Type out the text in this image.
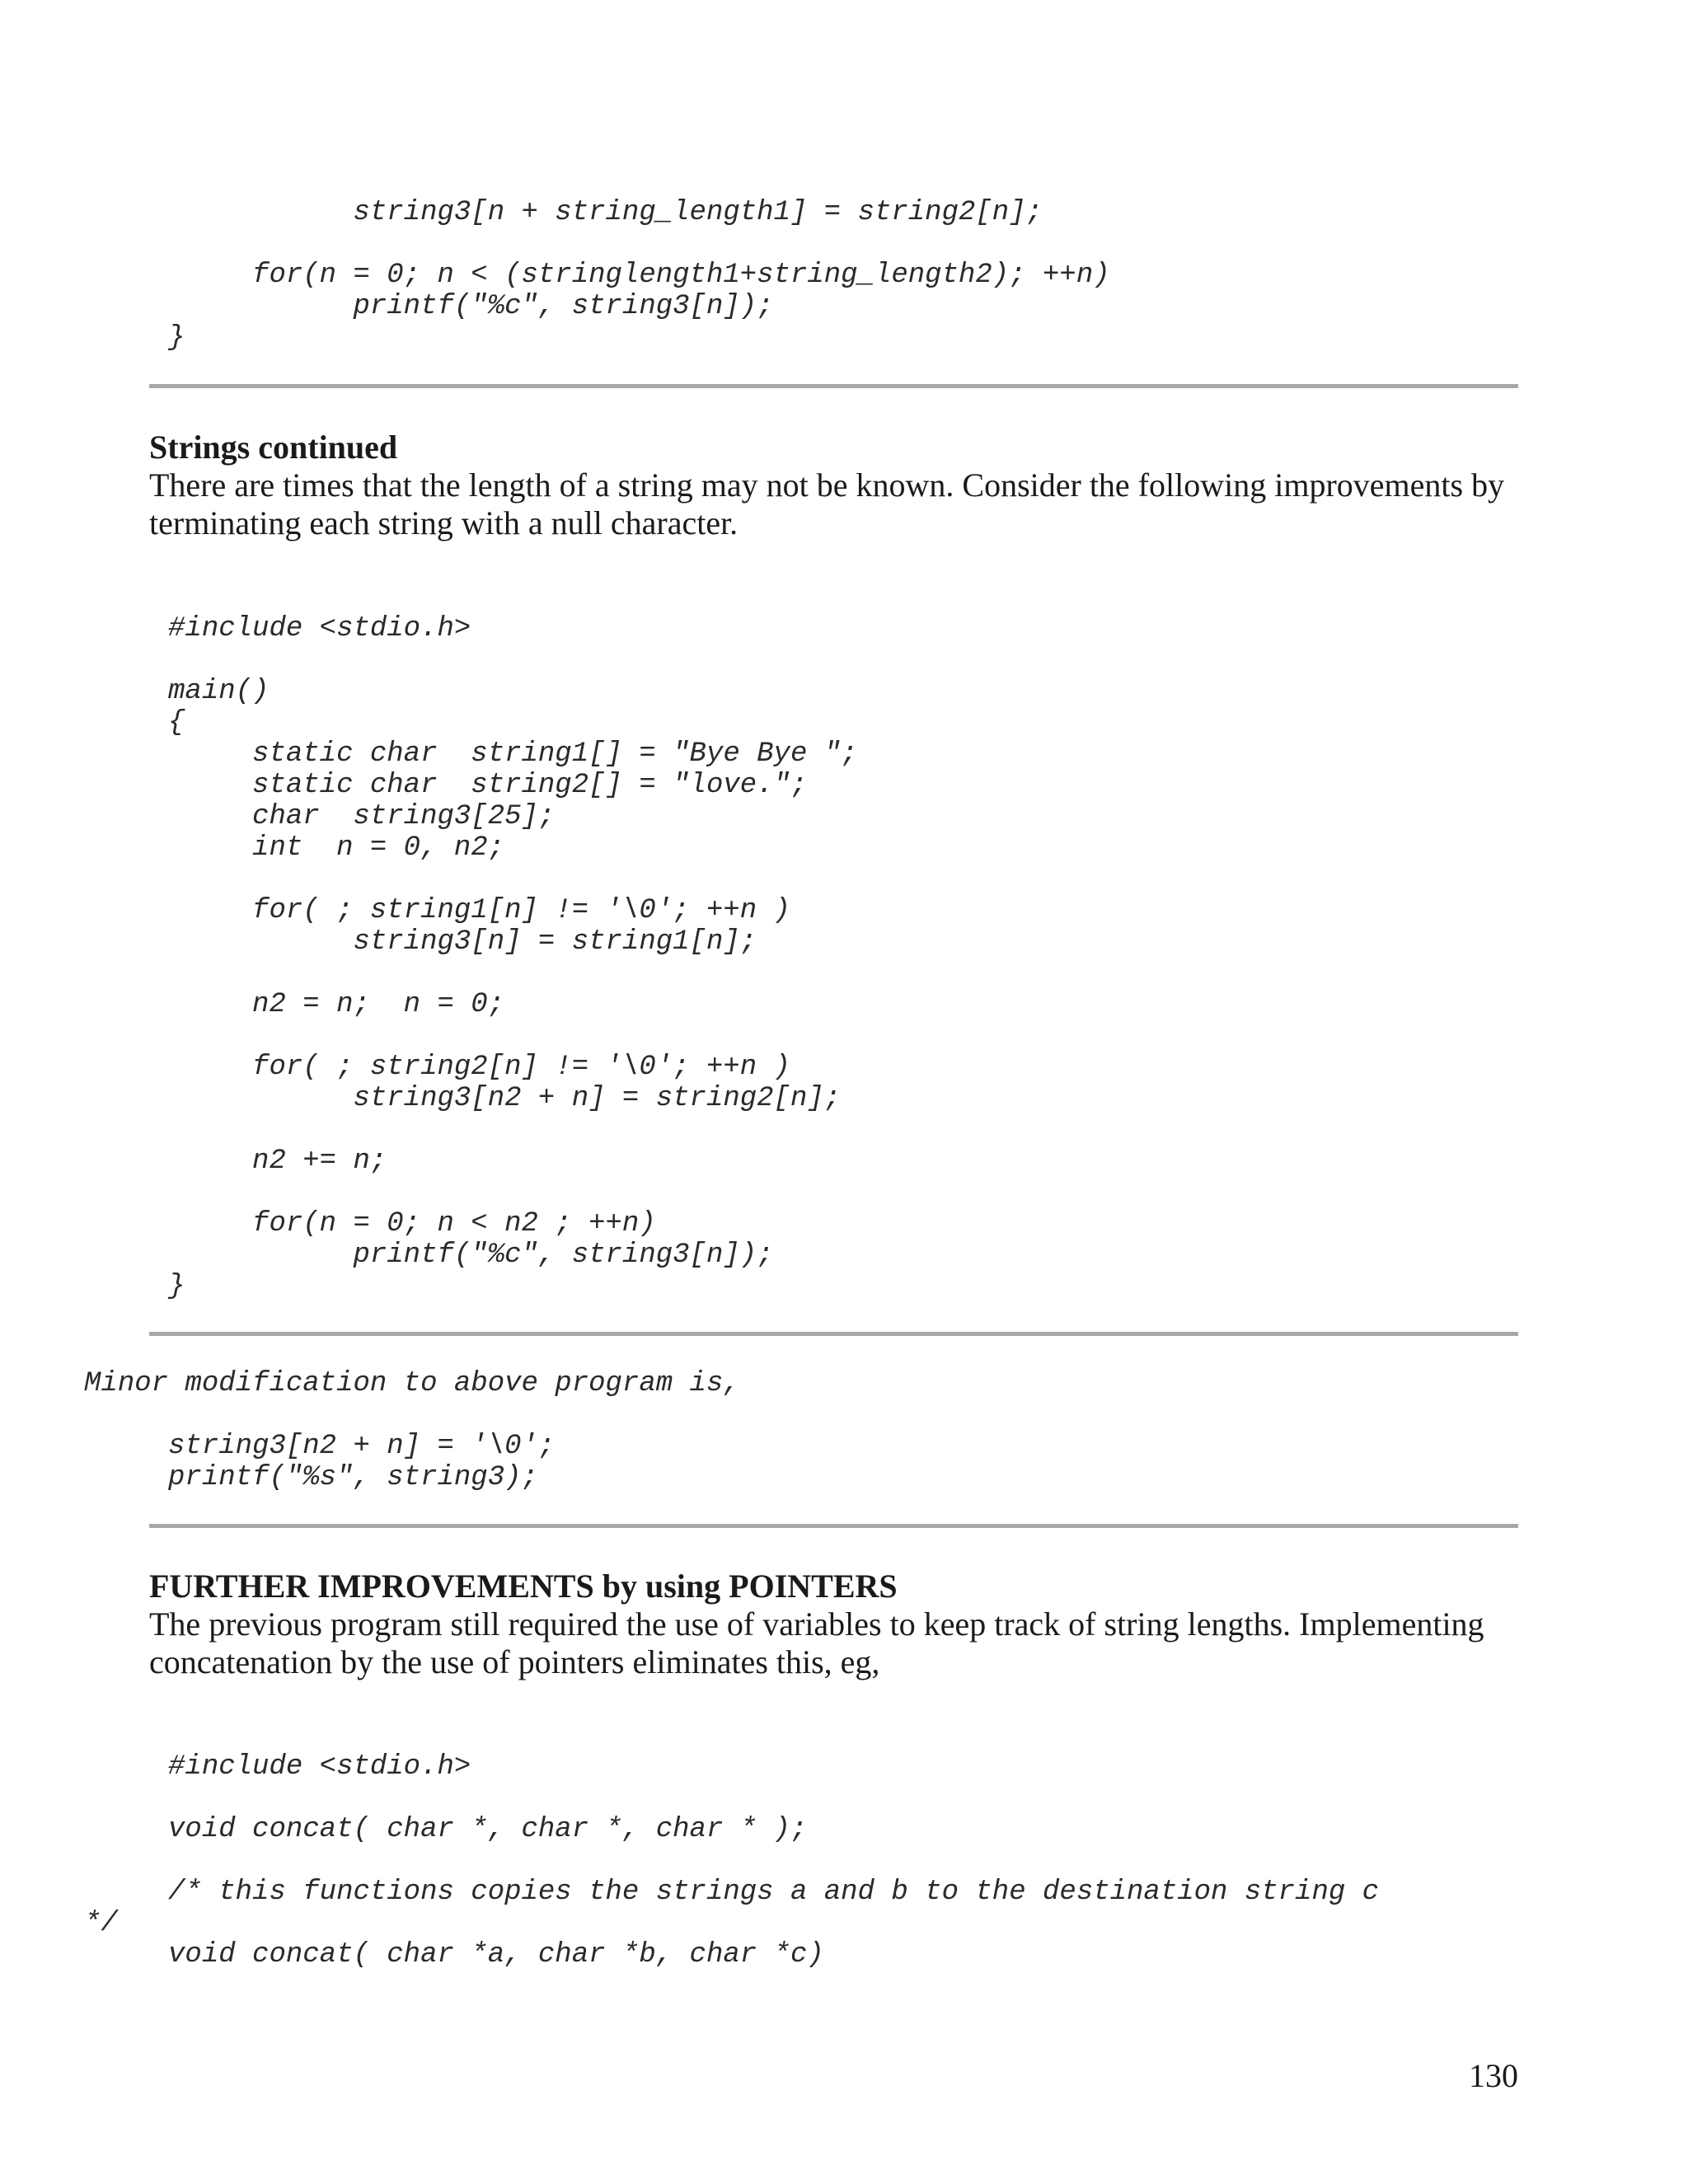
string3[n + string_length1] = string2[n];

for(n = 0; n < (stringlength1+string_length2); ++n)
printf("%c", string3[n]);
}

Strings continued

There are times that the length of a string may not be known. Consider the following improvements by terminating each string with a null character.

#include <stdio.h>

main()
{
static char  string1[] = "Bye Bye ";
static char  string2[] = "love.";
char  string3[25];
int  n = 0, n2;

for( ; string1[n] != '\0'; ++n )
string3[n] = string1[n];

n2 = n;  n = 0;

for( ; string2[n] != '\0'; ++n )
string3[n2 + n] = string2[n];

n2 += n;

for(n = 0; n < n2 ; ++n)
printf("%c", string3[n]);
}
Minor modification to above program is,

string3[n2 + n] = '\0';
printf("%s", string3);

FURTHER IMPROVEMENTS by using POINTERS

The previous program still required the use of variables to keep track of string lengths. Implementing concatenation by the use of pointers eliminates this, eg,

#include <stdio.h>

void concat( char *, char *, char * );

/* this functions copies the strings a and b to the destination string c
*/
void concat( char *a, char *b, char *c)

130
